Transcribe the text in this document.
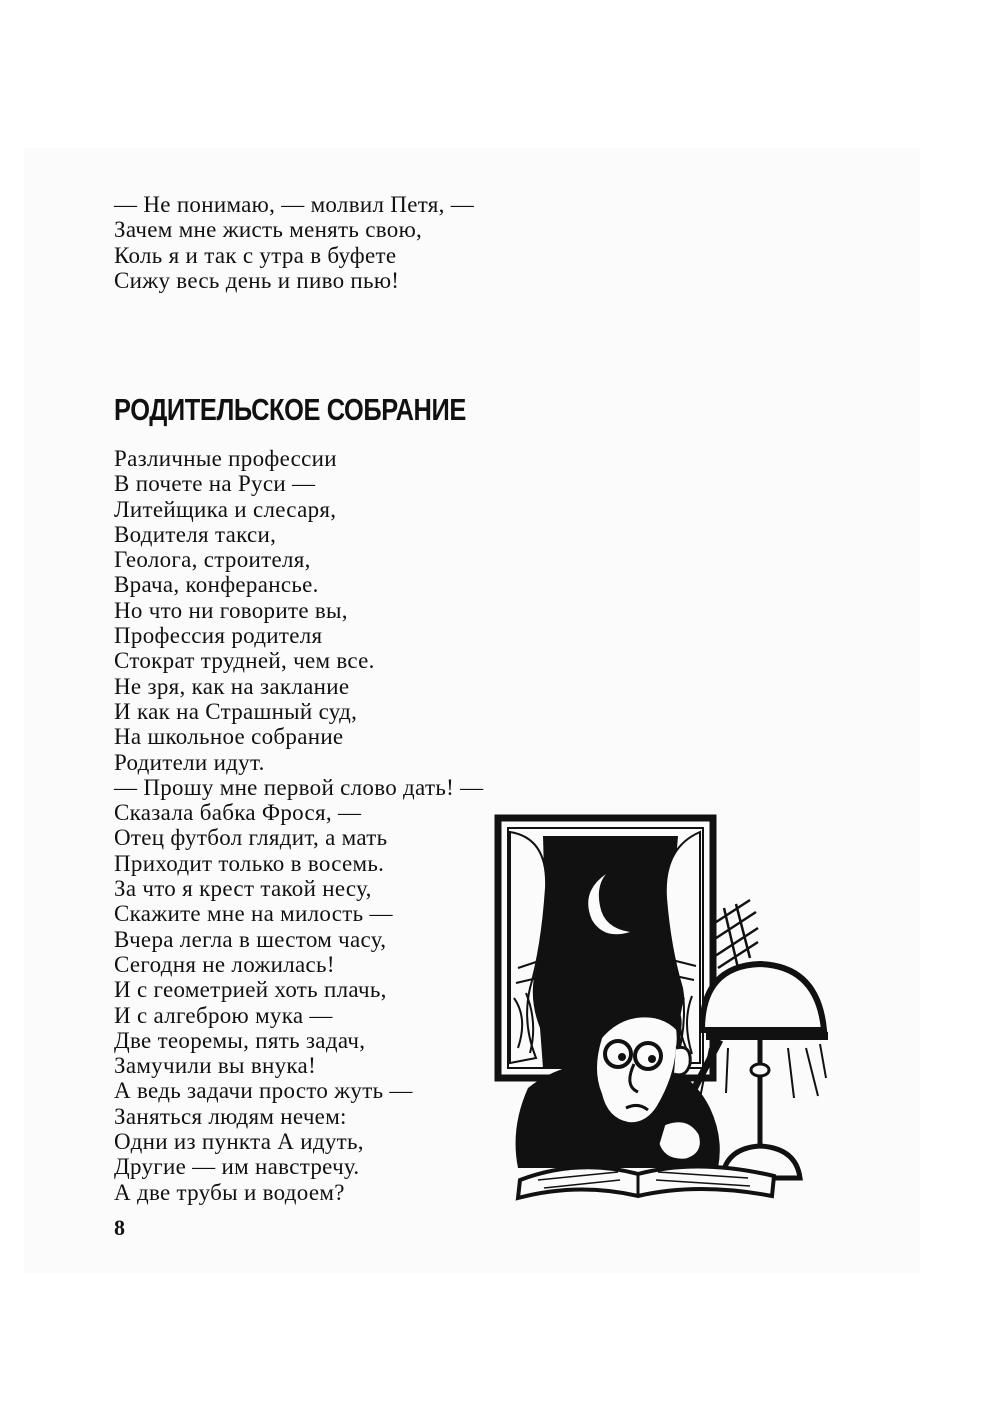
— Не понимаю, — молвил Петя, —
Зачем мне жисть менять свою,
Коль я и так с утра в буфете
Сижу весь день и пиво пью!
РОДИТЕЛЬСКОЕ СОБРАНИЕ
Различные профессии
В почете на Руси —
Литейщика и слесаря,
Водителя такси,
Геолога, строителя,
Врача, конферансье.
Но что ни говорите вы,
Профессия родителя
Стократ трудней, чем все.
Не зря, как на заклание
И как на Страшный суд,
На школьное собрание
Родители идут.
— Прошу мне первой слово дать! —
Сказала бабка Фрося, —
Отец футбол глядит, а мать
Приходит только в восемь.
За что я крест такой несу,
Скажите мне на милость —
Вчера легла в шестом часу,
Сегодня не ложилась!
И с геометрией хоть плачь,
И с алгеброю мука —
Две теоремы, пять задач,
Замучили вы внука!
А ведь задачи просто жуть —
Заняться людям нечем:
Одни из пункта А идуть,
Другие — им навстречу.
А две трубы и водоем?
8
